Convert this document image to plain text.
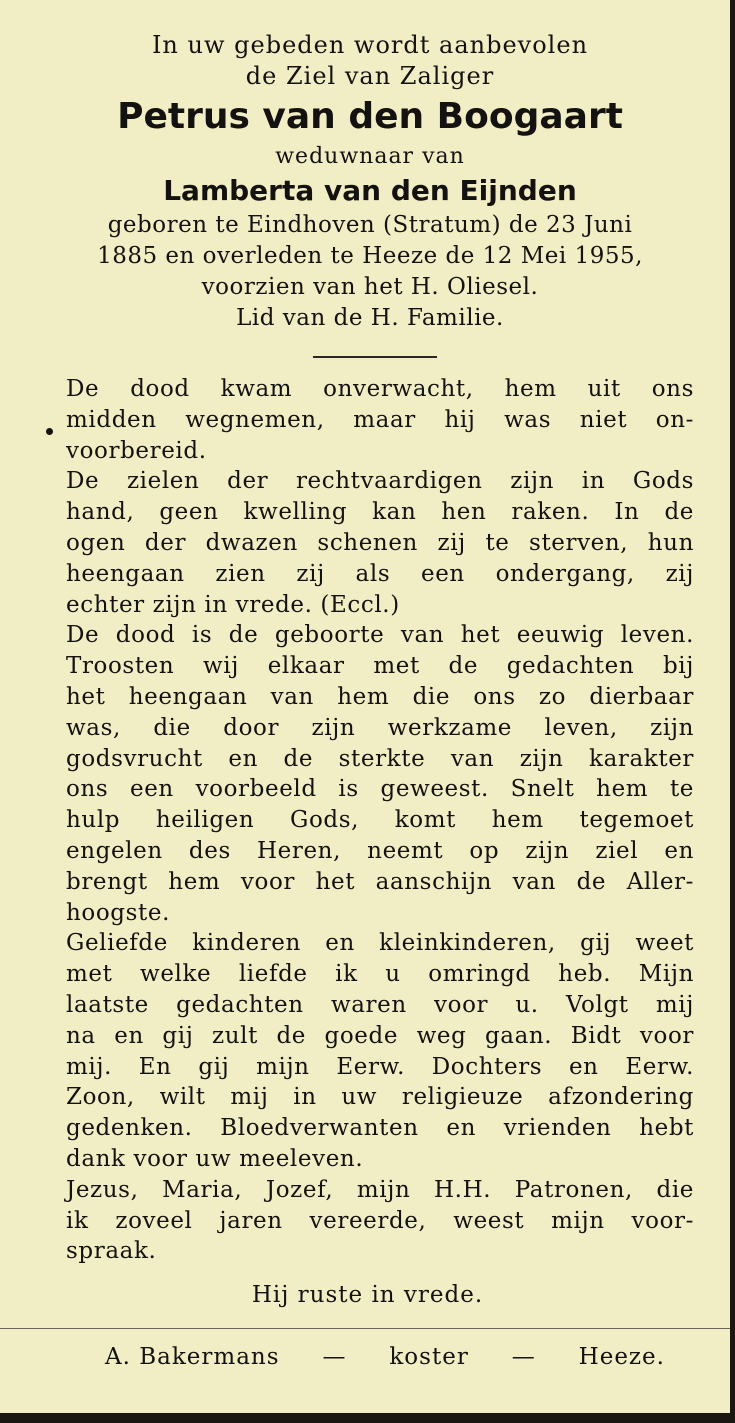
In uw gebeden wordt aanbevolen
de Ziel van Zaliger
Petrus van den Boogaart
weduwnaar van
Lamberta van den Eijnden
geboren te Eindhoven (Stratum) de 23 Juni
1885 en overleden te Heeze de 12 Mei 1955,
voorzien van het H. Oliesel.
Lid van de H. Familie.
De dood kwam onverwacht, hem uit ons
midden wegnemen, maar hij was niet on-
voorbereid.
De zielen der rechtvaardigen zijn in Gods
hand, geen kwelling kan hen raken. In de
ogen der dwazen schenen zij te sterven, hun
heengaan zien zij als een ondergang, zij
echter zijn in vrede. (Eccl.)
De dood is de geboorte van het eeuwig leven.
Troosten wij elkaar met de gedachten bij
het heengaan van hem die ons zo dierbaar
was, die door zijn werkzame leven, zijn
godsvrucht en de sterkte van zijn karakter
ons een voorbeeld is geweest. Snelt hem te
hulp heiligen Gods, komt hem tegemoet
engelen des Heren, neemt op zijn ziel en
brengt hem voor het aanschijn van de Aller-
hoogste.
Geliefde kinderen en kleinkinderen, gij weet
met welke liefde ik u omringd heb. Mijn
laatste gedachten waren voor u. Volgt mij
na en gij zult de goede weg gaan. Bidt voor
mij. En gij mijn Eerw. Dochters en Eerw.
Zoon, wilt mij in uw religieuze afzondering
gedenken. Bloedverwanten en vrienden hebt
dank voor uw meeleven.
Jezus, Maria, Jozef, mijn H.H. Patronen, die
ik zoveel jaren vereerde, weest mijn voor-
spraak.
Hij ruste in vrede.
A. Bakermans — koster — Heeze.
